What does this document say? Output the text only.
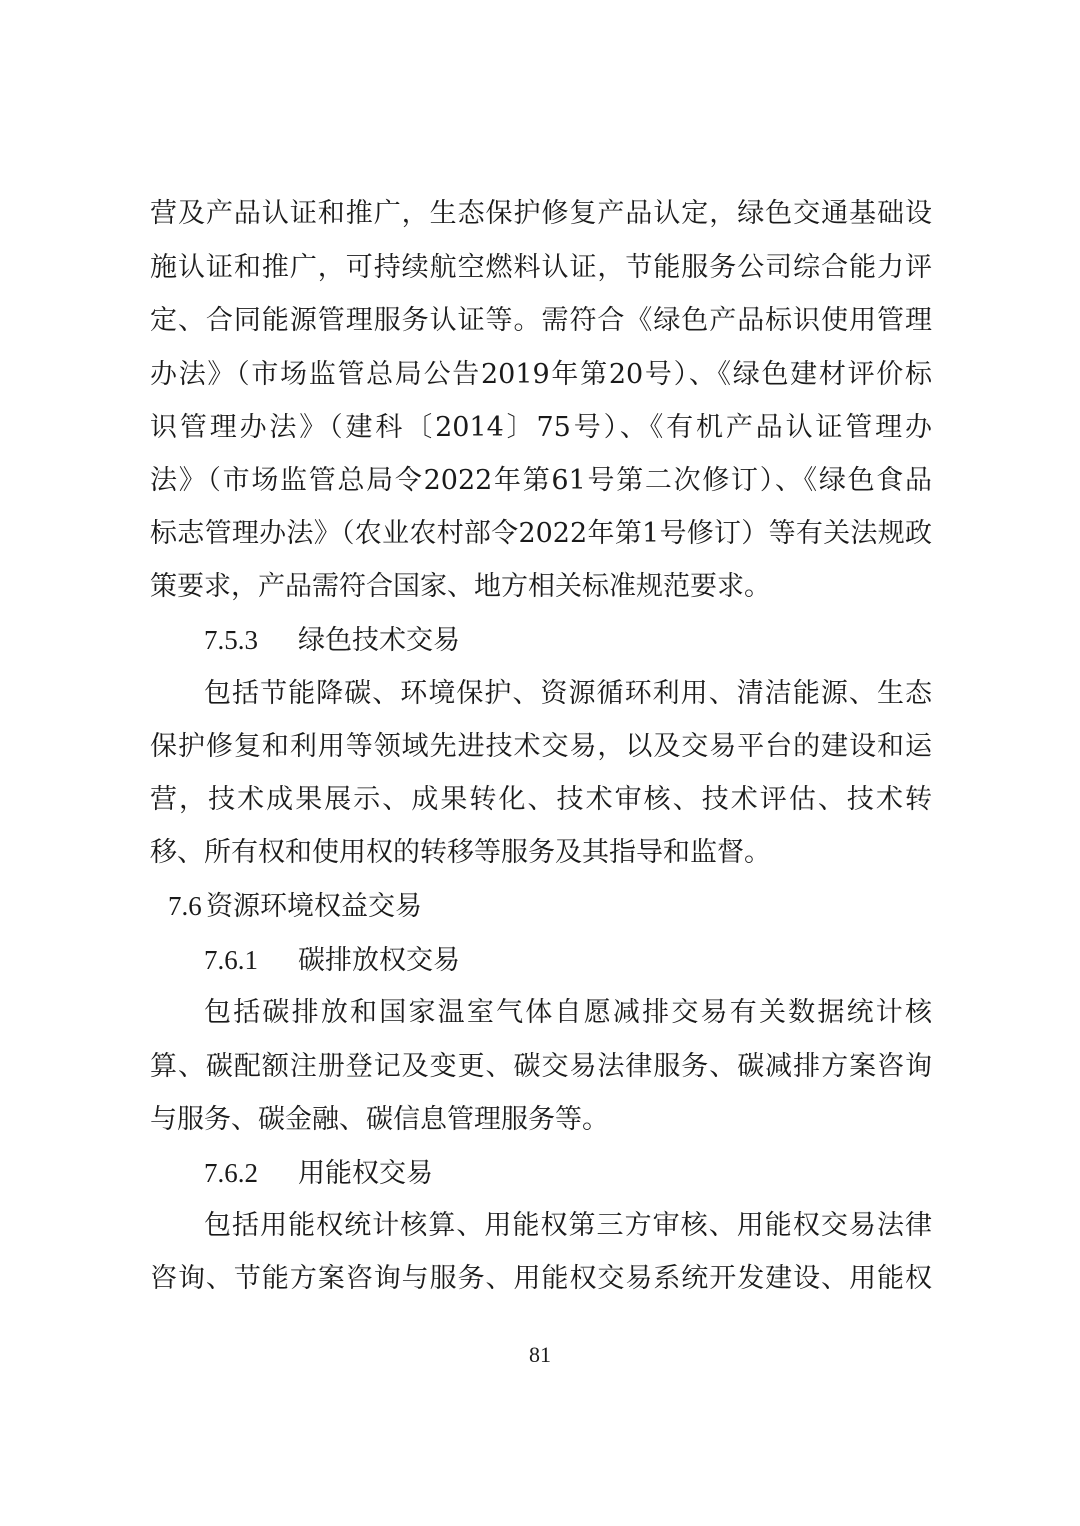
营及产品认证和推广，生态保护修复产品认定，绿色交通基础设
施认证和推广，可持续航空燃料认证，节能服务公司综合能力评
定、合同能源管理服务认证等。需符合《绿色产品标识使用管理
办法》（市场监管总局公告2019年第20号）、《绿色建材评价标
识管理办法》（建科〔2014〕75号）、《有机产品认证管理办
法》（市场监管总局令2022年第61号第二次修订）、《绿色食品
标志管理办法》（农业农村部令2022年第1号修订）等有关法规政
策要求，产品需符合国家、地方相关标准规范要求。
7.5.3 绿色技术交易
包括节能降碳、环境保护、资源循环利用、清洁能源、生态
保护修复和利用等领域先进技术交易，以及交易平台的建设和运
营，技术成果展示、成果转化、技术审核、技术评估、技术转
移、所有权和使用权的转移等服务及其指导和监督。
7.6 资源环境权益交易
7.6.1 碳排放权交易
包括碳排放和国家温室气体自愿减排交易有关数据统计核
算、碳配额注册登记及变更、碳交易法律服务、碳减排方案咨询
与服务、碳金融、碳信息管理服务等。
7.6.2 用能权交易
包括用能权统计核算、用能权第三方审核、用能权交易法律
咨询、节能方案咨询与服务、用能权交易系统开发建设、用能权
81
